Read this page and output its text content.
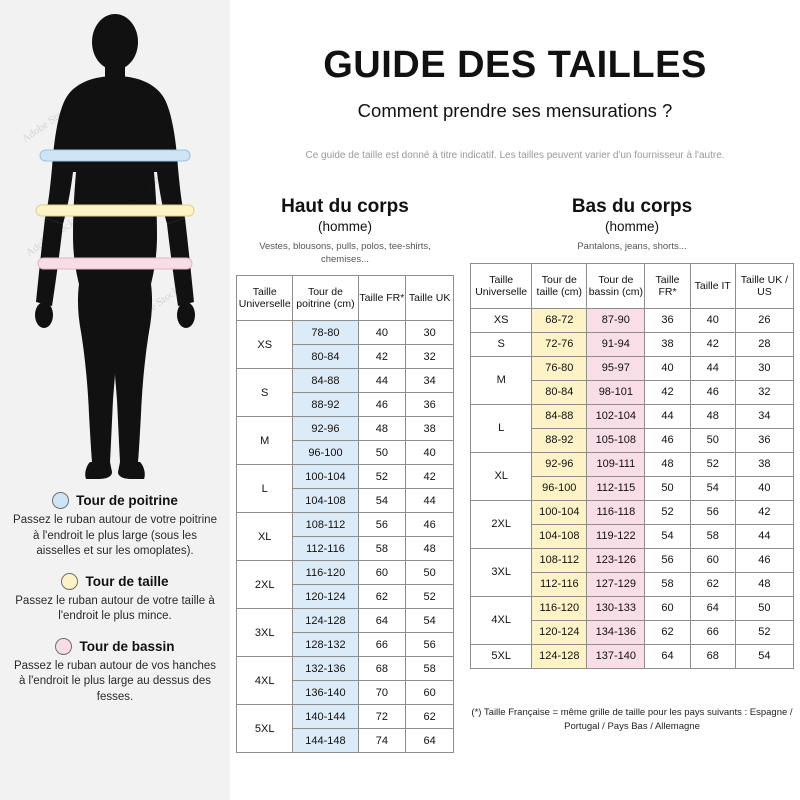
Tour de poitrine
Passez le ruban autour de votre poitrine à l'endroit le plus large (sous les aisselles et sur les omoplates).
Tour de taille
Passez le ruban autour de votre taille à l'endroit le plus mince.
Tour de bassin
Passez le ruban autour de vos hanches à l'endroit le plus large au dessus des fesses.
GUIDE DES TAILLES
Comment prendre ses mensurations ?
Ce guide de taille est donné à titre indicatif. Les tailles peuvent varier d'un fournisseur à l'autre.
Haut du corps
(homme)
Vestes, blousons, pulls, polos, tee-shirts, chemises...
Taille Universelle	Tour de poitrine (cm)	Taille FR*	Taille UK
XS	78-80	40	30
	80-84	42	32
S	84-88	44	34
	88-92	46	36
M	92-96	48	38
	96-100	50	40
L	100-104	52	42
	104-108	54	44
XL	108-112	56	46
	112-116	58	48
2XL	116-120	60	50
	120-124	62	52
3XL	124-128	64	54
	128-132	66	56
4XL	132-136	68	58
	136-140	70	60
5XL	140-144	72	62
	144-148	74	64
Bas du corps
(homme)
Pantalons, jeans, shorts...
Taille Universelle	Tour de taille (cm)	Tour de bassin (cm)	Taille FR*	Taille IT	Taille UK / US
XS	68-72	87-90	36	40	26
S	72-76	91-94	38	42	28
M	76-80	95-97	40	44	30
	80-84	98-101	42	46	32
L	84-88	102-104	44	48	34
	88-92	105-108	46	50	36
XL	92-96	109-111	48	52	38
	96-100	112-115	50	54	40
2XL	100-104	116-118	52	56	42
	104-108	119-122	54	58	44
3XL	108-112	123-126	56	60	46
	112-116	127-129	58	62	48
4XL	116-120	130-133	60	64	50
	120-124	134-136	62	66	52
5XL	124-128	137-140	64	68	54
(*) Taille Française = même grille de taille pour les pays suivants : Espagne / Portugal / Pays Bas / Allemagne
